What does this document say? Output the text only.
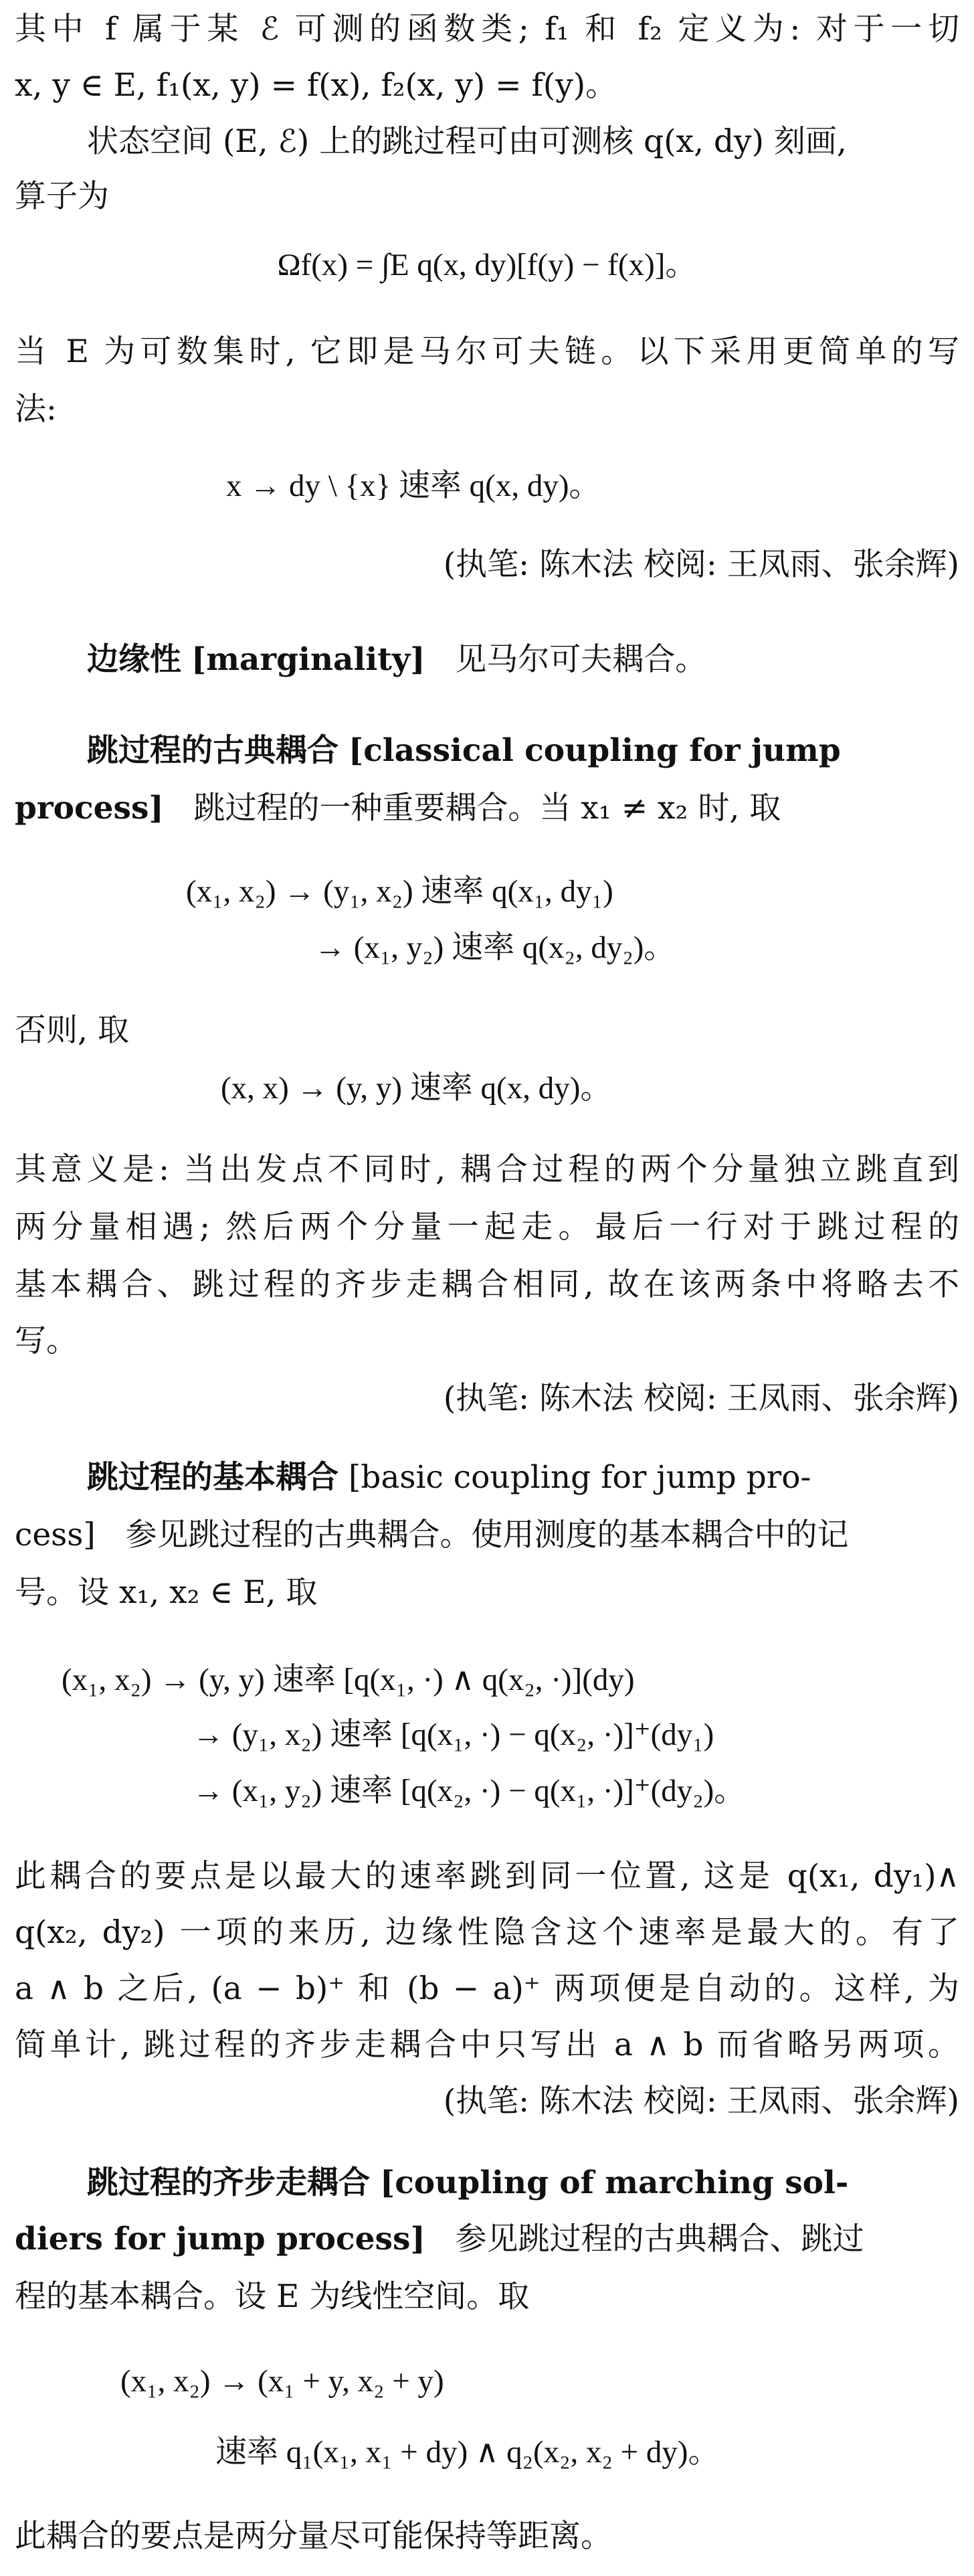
其中 f 属于某 ℰ 可测的函数类; f₁ 和 f₂ 定义为: 对于一切
x, y ∈ E, f₁(x, y) = f(x), f₂(x, y) = f(y)。
状态空间 (E, ℰ) 上的跳过程可由可测核 q(x, dy) 刻画,
算子为
Ωf(x) = ∫E q(x, dy)[f(y) − f(x)]。
当 E 为可数集时, 它即是马尔可夫链。以下采用更简单的写
法:
x → dy \ {x} 速率 q(x, dy)。
(执笔: 陈木法 校阅: 王凤雨、张余辉)
边缘性 [marginality] 见马尔可夫耦合。
跳过程的古典耦合 [classical coupling for jump
process] 跳过程的一种重要耦合。当 x₁ ≠ x₂ 时, 取
(x₁, x₂) → (y₁, x₂) 速率 q(x₁, dy₁)
→ (x₁, y₂) 速率 q(x₂, dy₂)。
否则, 取
(x, x) → (y, y) 速率 q(x, dy)。
其意义是: 当出发点不同时, 耦合过程的两个分量独立跳直到
两分量相遇; 然后两个分量一起走。最后一行对于跳过程的
基本耦合、跳过程的齐步走耦合相同, 故在该两条中将略去不
写。
(执笔: 陈木法 校阅: 王凤雨、张余辉)
跳过程的基本耦合 [basic coupling for jump pro-
cess] 参见跳过程的古典耦合。使用测度的基本耦合中的记
号。设 x₁, x₂ ∈ E, 取
(x₁, x₂) → (y, y) 速率 [q(x₁, ·) ∧ q(x₂, ·)](dy)
→ (y₁, x₂) 速率 [q(x₁, ·) − q(x₂, ·)]⁺(dy₁)
→ (x₁, y₂) 速率 [q(x₂, ·) − q(x₁, ·)]⁺(dy₂)。
此耦合的要点是以最大的速率跳到同一位置, 这是 q(x₁, dy₁)∧
q(x₂, dy₂) 一项的来历, 边缘性隐含这个速率是最大的。有了
a ∧ b 之后, (a − b)⁺ 和 (b − a)⁺ 两项便是自动的。这样, 为
简单计, 跳过程的齐步走耦合中只写出 a ∧ b 而省略另两项。
(执笔: 陈木法 校阅: 王凤雨、张余辉)
跳过程的齐步走耦合 [coupling of marching sol-
diers for jump process] 参见跳过程的古典耦合、跳过
程的基本耦合。设 E 为线性空间。取
(x₁, x₂) → (x₁ + y, x₂ + y)
速率 q₁(x₁, x₁ + dy) ∧ q₂(x₂, x₂ + dy)。
此耦合的要点是两分量尽可能保持等距离。
